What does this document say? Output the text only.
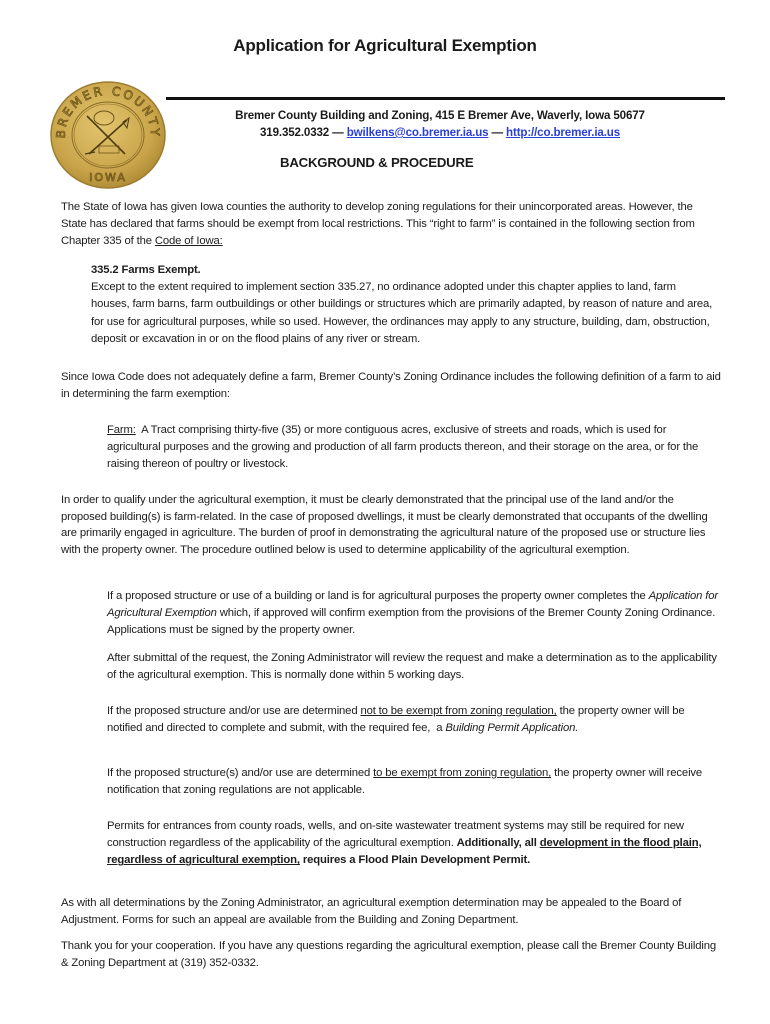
Application for Agricultural Exemption
BREMER COUNTY
IOWA
Bremer County Building and Zoning, 415 E Bremer Ave, Waverly, Iowa 50677
319.352.0332 — bwilkens@co.bremer.ia.us — http://co.bremer.ia.us
BACKGROUND & PROCEDURE
The State of Iowa has given Iowa counties the authority to develop zoning regulations for their unincorporated areas. However, the State has declared that farms should be exempt from local restrictions. This “right to farm” is contained in the following section from Chapter 335 of the Code of Iowa:
335.2 Farms Exempt.
Except to the extent required to implement section 335.27, no ordinance adopted under this chapter applies to land, farm houses, farm barns, farm outbuildings or other buildings or structures which are primarily adapted, by reason of nature and area, for use for agricultural purposes, while so used. However, the ordinances may apply to any structure, building, dam, obstruction, deposit or excavation in or on the flood plains of any river or stream.
Since Iowa Code does not adequately define a farm, Bremer County’s Zoning Ordinance includes the following definition of a farm to aid in determining the farm exemption:
Farm:  A Tract comprising thirty-five (35) or more contiguous acres, exclusive of streets and roads, which is used for agricultural purposes and the growing and production of all farm products thereon, and their storage on the area, or for the raising thereon of poultry or livestock.
In order to qualify under the agricultural exemption, it must be clearly demonstrated that the principal use of the land and/or the proposed building(s) is farm-related. In the case of proposed dwellings, it must be clearly demonstrated that occupants of the dwelling are primarily engaged in agriculture. The burden of proof in demonstrating the agricultural nature of the proposed use or structure lies with the property owner. The procedure outlined below is used to determine applicability of the agricultural exemption.
If a proposed structure or use of a building or land is for agricultural purposes the property owner completes the Application for Agricultural Exemption which, if approved will confirm exemption from the provisions of the Bremer County Zoning Ordinance. Applications must be signed by the property owner.
After submittal of the request, the Zoning Administrator will review the request and make a determination as to the applicability of the agricultural exemption. This is normally done within 5 working days.
If the proposed structure and/or use are determined not to be exempt from zoning regulation, the property owner will be notified and directed to complete and submit, with the required fee,  a Building Permit Application.
If the proposed structure(s) and/or use are determined to be exempt from zoning regulation, the property owner will receive notification that zoning regulations are not applicable.
Permits for entrances from county roads, wells, and on-site wastewater treatment systems may still be required for new construction regardless of the applicability of the agricultural exemption. Additionally, all development in the flood plain, regardless of agricultural exemption, requires a Flood Plain Development Permit.
As with all determinations by the Zoning Administrator, an agricultural exemption determination may be appealed to the Board of Adjustment. Forms for such an appeal are available from the Building and Zoning Department.
Thank you for your cooperation. If you have any questions regarding the agricultural exemption, please call the Bremer County Building & Zoning Department at (319) 352-0332.
